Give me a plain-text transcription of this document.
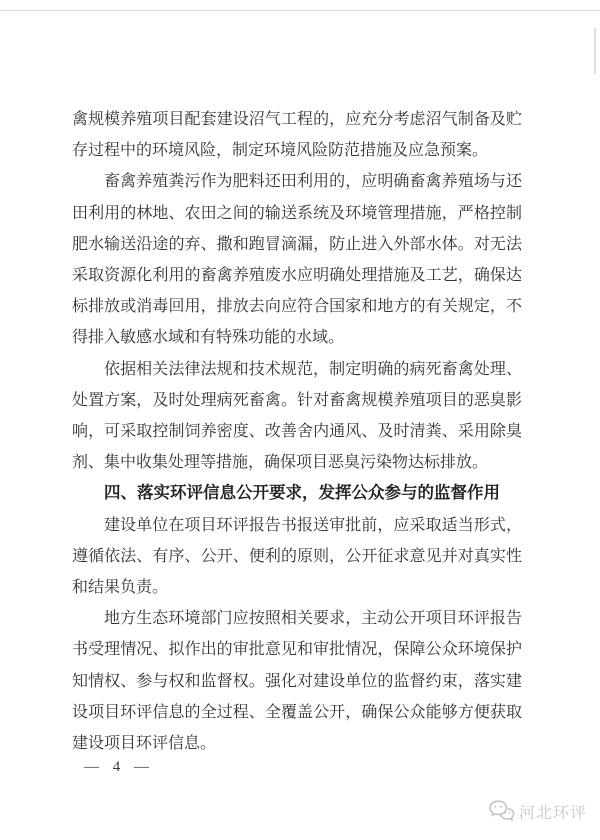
禽规模养殖项目配套建设沼气工程的，应充分考虑沼气制备及贮
存过程中的环境风险，制定环境风险防范措施及应急预案。
畜禽养殖粪污作为肥料还田利用的，应明确畜禽养殖场与还
田利用的林地、农田之间的输送系统及环境管理措施，严格控制
肥水输送沿途的弃、撒和跑冒滴漏，防止进入外部水体。对无法
采取资源化利用的畜禽养殖废水应明确处理措施及工艺，确保达
标排放或消毒回用，排放去向应符合国家和地方的有关规定，不
得排入敏感水域和有特殊功能的水域。
依据相关法律法规和技术规范，制定明确的病死畜禽处理、
处置方案，及时处理病死畜禽。针对畜禽规模养殖项目的恶臭影
响，可采取控制饲养密度、改善舍内通风、及时清粪、采用除臭
剂、集中收集处理等措施，确保项目恶臭污染物达标排放。
四、落实环评信息公开要求，发挥公众参与的监督作用
建设单位在项目环评报告书报送审批前，应采取适当形式，
遵循依法、有序、公开、便利的原则，公开征求意见并对真实性
和结果负责。
地方生态环境部门应按照相关要求，主动公开项目环评报告
书受理情况、拟作出的审批意见和审批情况，保障公众环境保护
知情权、参与权和监督权。强化对建设单位的监督约束，落实建
设项目环评信息的全过程、全覆盖公开，确保公众能够方便获取
建设项目环评信息。
— 4 —
河北环评
